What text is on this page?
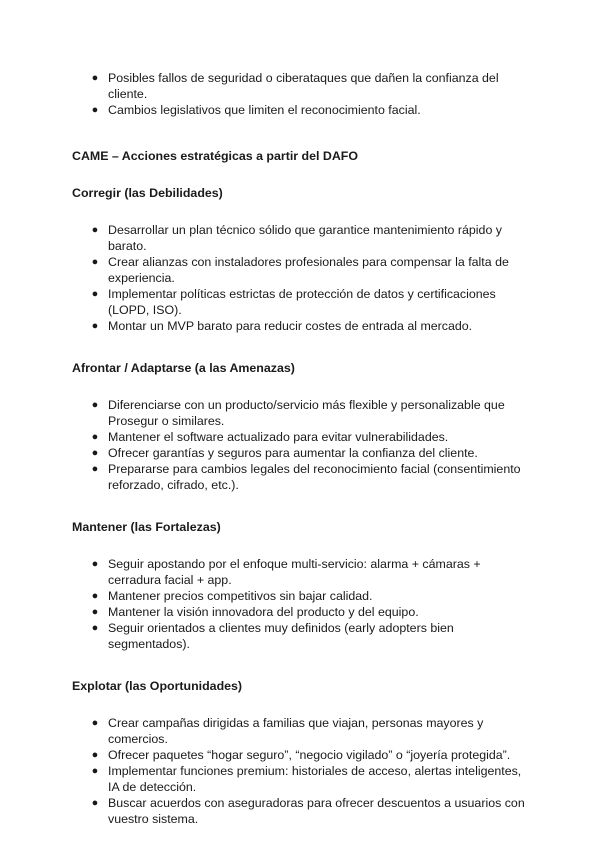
● Posibles fallos de seguridad o ciberataques que dañen la confianza del cliente.
● Cambios legislativos que limiten el reconocimiento facial.
CAME – Acciones estratégicas a partir del DAFO
Corregir (las Debilidades)
● Desarrollar un plan técnico sólido que garantice mantenimiento rápido y barato.
● Crear alianzas con instaladores profesionales para compensar la falta de experiencia.
● Implementar políticas estrictas de protección de datos y certificaciones (LOPD, ISO).
● Montar un MVP barato para reducir costes de entrada al mercado.
Afrontar / Adaptarse (a las Amenazas)
● Diferenciarse con un producto/servicio más flexible y personalizable que Prosegur o similares.
● Mantener el software actualizado para evitar vulnerabilidades.
● Ofrecer garantías y seguros para aumentar la confianza del cliente.
● Prepararse para cambios legales del reconocimiento facial (consentimiento reforzado, cifrado, etc.).
Mantener (las Fortalezas)
● Seguir apostando por el enfoque multi-servicio: alarma + cámaras + cerradura facial + app.
● Mantener precios competitivos sin bajar calidad.
● Mantener la visión innovadora del producto y del equipo.
● Seguir orientados a clientes muy definidos (early adopters bien segmentados).
Explotar (las Oportunidades)
● Crear campañas dirigidas a familias que viajan, personas mayores y comercios.
● Ofrecer paquetes “hogar seguro”, “negocio vigilado” o “joyería protegida”.
● Implementar funciones premium: historiales de acceso, alertas inteligentes, IA de detección.
● Buscar acuerdos con aseguradoras para ofrecer descuentos a usuarios con vuestro sistema.
